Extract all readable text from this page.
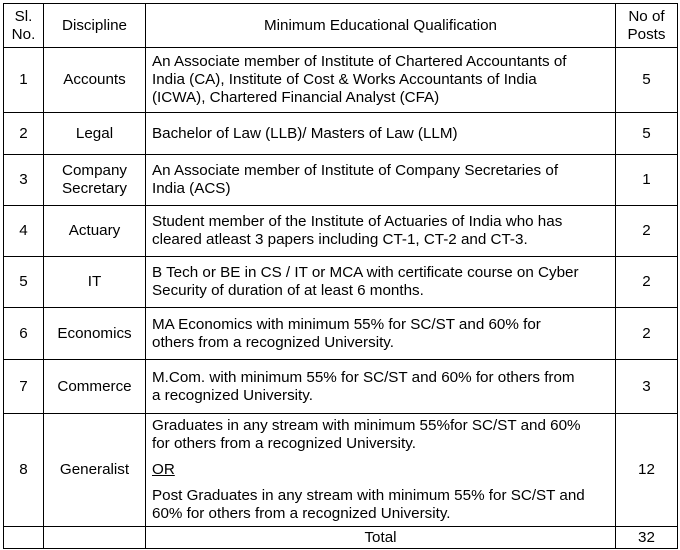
Sl.
No.	Discipline	Minimum Educational Qualification	No of
Posts
1	Accounts	An Associate member of Institute of Chartered Accountants of
India (CA), Institute of Cost & Works Accountants of India
(ICWA), Chartered Financial Analyst (CFA)	5
2	Legal	Bachelor of Law (LLB)/ Masters of Law (LLM)	5
3	Company
Secretary	An Associate member of Institute of Company Secretaries of
India (ACS)	1
4	Actuary	Student member of the Institute of Actuaries of India who has
cleared atleast 3 papers including CT-1, CT-2 and CT-3.	2
5	IT	B Tech or BE in CS / IT or MCA with certificate course on Cyber
Security of duration of at least 6 months.	2
6	Economics	MA Economics with minimum 55% for SC/ST and 60% for
others from a recognized University.	2
7	Commerce	M.Com. with minimum 55% for SC/ST and 60% for others from
a recognized University.	3
8	Generalist	Graduates in any stream with minimum 55%for SC/ST and 60%
for others from a recognized University.
OR
Post Graduates in any stream with minimum 55% for SC/ST and
60% for others from a recognized University.	12
		Total	32
